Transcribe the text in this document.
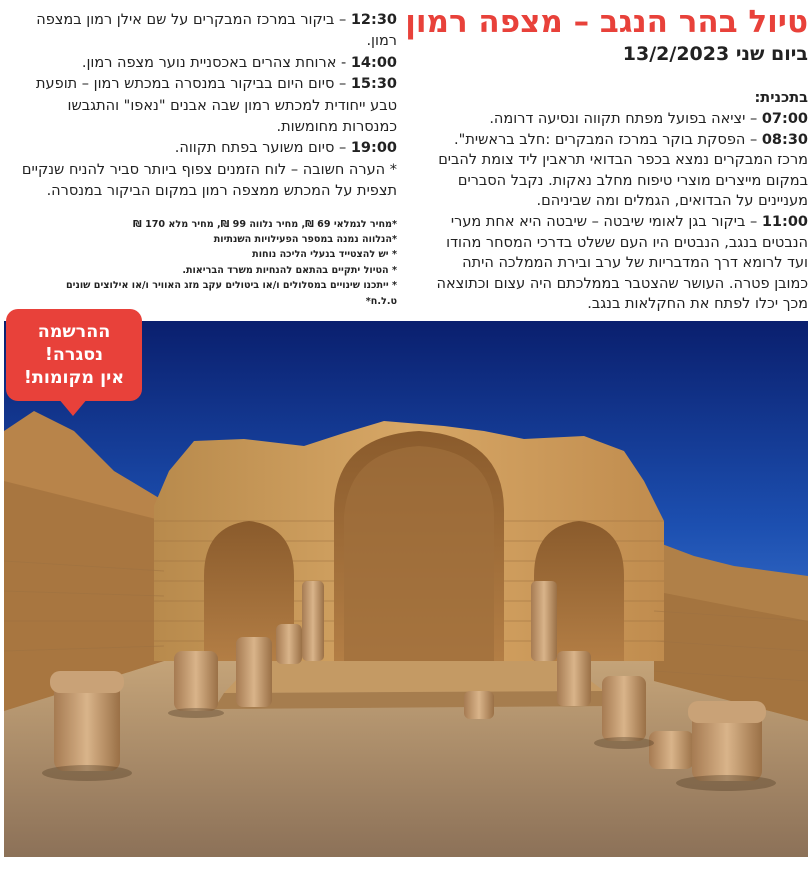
טיול בהר הנגב – מצפה רמון
ביום שני 13/2/2023
בתכנית:

07:00 – יציאה בפועל מפתח תקווה ונסיעה דרומה.

08:30 – הפסקת בוקר במרכז המבקרים :חלב בראשית". מרכז המבקרים נמצא בכפר הבדואי תראבין ליד צומת להבים במקום מייצרים מוצרי טיפוח מחלב נאקות. נקבל הסברים מעניינים על הבדואים, הגמלים ומה שביניהם.

11:00 – ביקור בגן לאומי שיבטה – שיבטה היא אחת מערי הנבטים בנגב, הנבטים היו העם ששלט בדרכי המסחר מהודו ועד לרומא דרך המדבריות של ערב ובירת הממלכה היתה כמובן פטרה. העושר שהצטבר בממלכתם היה עצום וכתוצאה מכך יכלו לפתח את החקלאות בנגב.

12:30 – ביקור במרכז המבקרים על שם אילן רמון במצפה רמון.

14:00 - ארוחת צהרים באכסניית נוער מצפה רמון.

15:30 – סיום היום בביקור במנסרה במכתש רמון – תופעת טבע ייחודית למכתש רמון שבה אבנים "נאפו" והתגבשו כמנסרות מחומשות.

19:00 – סיום משוער בפתח תקווה.

* הערה חשובה – לוח הזמנים צפוף ביותר סביר להניח שנקיים תצפית על המכתש ממצפה רמון במקום הביקור במנסרה.

*מחיר לגמלאי 69 ₪, מחיר נלווה 99 ₪, מחיר מלא 170 ₪

*הנלווה נמנה במספר הפעילויות השנתיות

* יש להצטייד בנעלי הליכה נוחות

* הטיול יתקיים בהתאם להנחיות משרד הבריאות.

* ייתכנו שינויים במסלולים ו/או ביטולים עקב מזג האוויר ו/או אילוצים שונים

ט.ל.ח*

ההרשמה
נסגרה!
אין מקומות!
